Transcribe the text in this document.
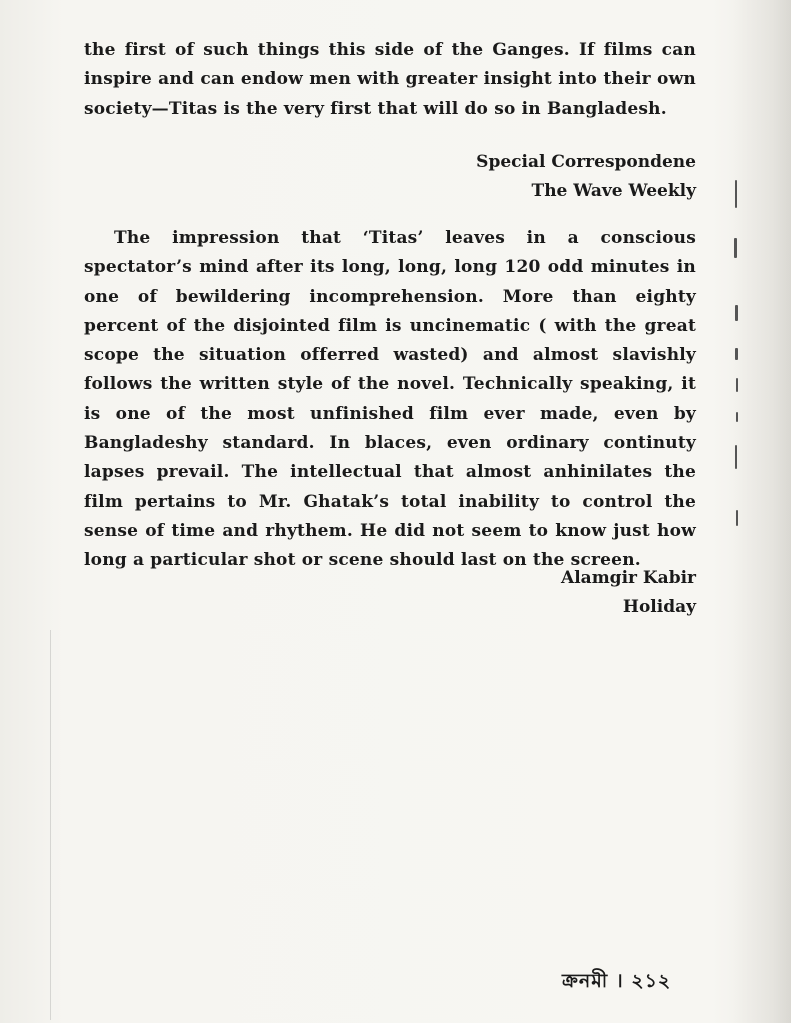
the first of such things this side of the Ganges. If films can inspire and can endow men with greater insight into their own society—Titas is the very first that will do so in Bangladesh.
Special Correspondene
The Wave Weekly
The impression that ‘Titas’ leaves in a conscious spectator’s mind after its long, long, long 120 odd minutes in one of bewildering incomprehension. More than eighty percent of the disjointed film is uncinematic ( with the great scope the situation offerred wasted) and almost slavishly follows the written style of the novel. Technically speaking, it is one of the most unfinished film ever made, even by Bangladeshy standard. In blaces, even ordinary continuty lapses prevail. The intellectual that almost anhinilates the film pertains to Mr. Ghatak’s total inability to control the sense of time and rhythem. He did not seem to know just how long a particular shot or scene should last on the screen.
Alamgir Kabir
Holiday
ক্রনমী । ২১২
